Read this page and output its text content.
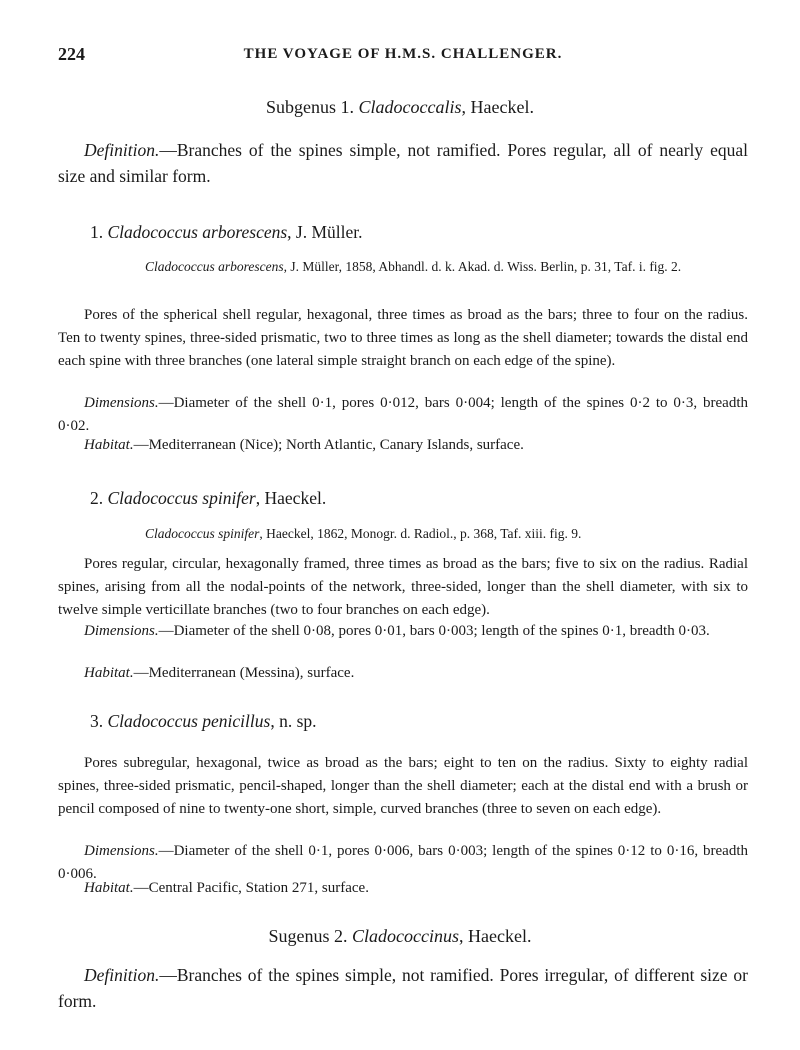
224	THE VOYAGE OF H.M.S. CHALLENGER.
Subgenus 1. Cladococcalis, Haeckel.

Definition.—Branches of the spines simple, not ramified. Pores regular, all of nearly equal size and similar form.

1. Cladococcus arborescens, J. Müller.
Cladococcus arborescens, J. Müller, 1858, Abhandl. d. k. Akad. d. Wiss. Berlin, p. 31, Taf. i. fig. 2.

Pores of the spherical shell regular, hexagonal, three times as broad as the bars; three to four on the radius. Ten to twenty spines, three-sided prismatic, two to three times as long as the shell diameter; towards the distal end each spine with three branches (one lateral simple straight branch on each edge of the spine).

Dimensions.—Diameter of the shell 0·1, pores 0·012, bars 0·004; length of the spines 0·2 to 0·3, breadth 0·02.

Habitat.—Mediterranean (Nice); North Atlantic, Canary Islands, surface.

2. Cladococcus spinifer, Haeckel.
Cladococcus spinifer, Haeckel, 1862, Monogr. d. Radiol., p. 368, Taf. xiii. fig. 9.

Pores regular, circular, hexagonally framed, three times as broad as the bars; five to six on the radius. Radial spines, arising from all the nodal-points of the network, three-sided, longer than the shell diameter, with six to twelve simple verticillate branches (two to four branches on each edge).

Dimensions.—Diameter of the shell 0·08, pores 0·01, bars 0·003; length of the spines 0·1, breadth 0·03.

Habitat.—Mediterranean (Messina), surface.

3. Cladococcus penicillus, n. sp.

Pores subregular, hexagonal, twice as broad as the bars; eight to ten on the radius. Sixty to eighty radial spines, three-sided prismatic, pencil-shaped, longer than the shell diameter; each at the distal end with a brush or pencil composed of nine to twenty-one short, simple, curved branches (three to seven on each edge).

Dimensions.—Diameter of the shell 0·1, pores 0·006, bars 0·003; length of the spines 0·12 to 0·16, breadth 0·006.

Habitat.—Central Pacific, Station 271, surface.

Sugenus 2. Cladococcinus, Haeckel.

Definition.—Branches of the spines simple, not ramified. Pores irregular, of different size or form.
